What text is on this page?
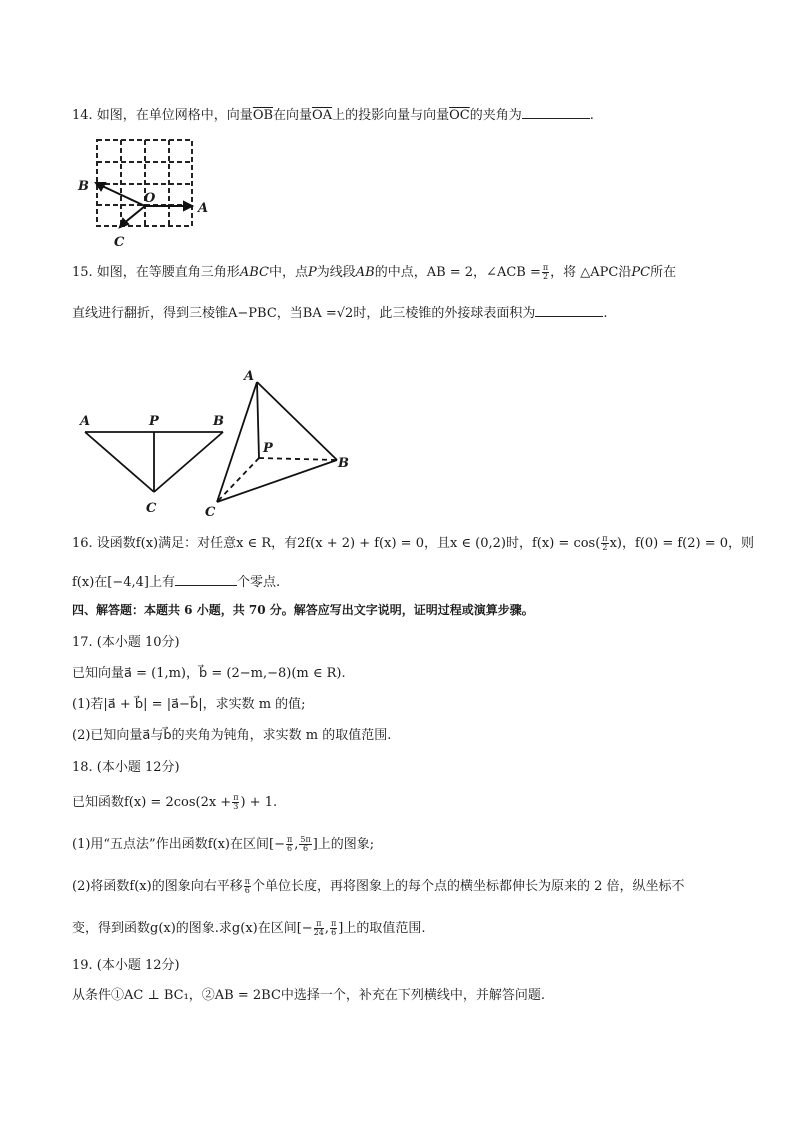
14. 如图，在单位网格中，向量$\overline{OB}$在向量$\overline{OA}$上的投影向量与向量$\overline{OC}$的夹角为	.
B
O
A
C
15. 如图，在等腰直角三角形ABC中，点P为线段AB的中点，AB = 2，∠ACB = $\frac{\pi}{2}$ ，将 △APC沿PC所在
直线进行翻折，得到三棱锥A−PBC，当BA =√2时，此三棱锥的外接球表面积为	.
A	P	B
C
A
P
B
C
16. 设函数f(x)满足：对任意x ∈ R，有2f(x + 2) + f(x) = 0，且x ∈ (0,2)时，$f(x) = \cos( \frac{\pi}{2} x)$，f(0) = f(2) = 0，则
f(x)在[−4,4]上有	个零点.
四、解答题：本题共 6 小题，共 70 分。解答应写出文字说明，证明过程或演算步骤。
17. (本小题 10分)
已知向量a⃗ = (1,m)，b⃗ = (2−m,−8)(m ∈ R).
(1)若|a⃗ + b⃗| = |a⃗−b⃗|，求实数 m 的值;
(2)已知向量a⃗与b⃗的夹角为钝角，求实数 m 的取值范围.
18. (本小题 12分)
已知函数$f(x) = 2\cos(2x + \frac{\pi}{3}$ ) + 1.
(1)用“五点法”作出函数f(x)在区间[− $\frac{\pi}{6}$ , $\frac{5\pi}{6}$ ]上的图象;
(2)将函数f(x)的图象向右平移 $\frac{\pi}{6}$ 个单位长度，再将图象上的每个点的横坐标都伸长为原来的 2 倍，纵坐标不
变，得到函数g(x)的图象.求g(x)在区间[− $\frac{\pi}{24}$ , $\frac{\pi}{6}$ ]上的取值范围.
19. (本小题 12分)
从条件①AC ⊥ BC₁，②AB = 2BC中选择一个，补充在下列横线中，并解答问题.
